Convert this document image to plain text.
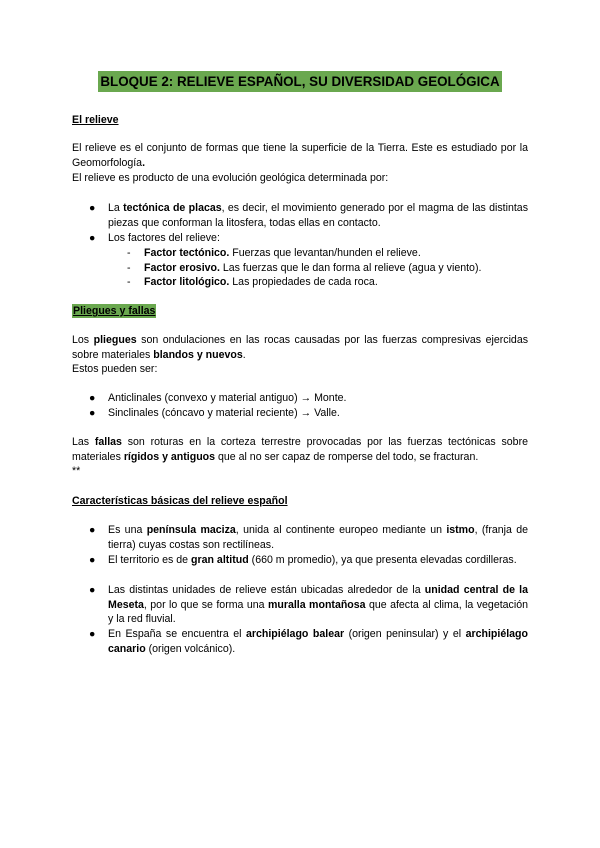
BLOQUE 2: RELIEVE ESPAÑOL, SU DIVERSIDAD GEOLÓGICA
El relieve
El relieve es el conjunto de formas que tiene la superficie de la Tierra. Este es estudiado por la Geomorfología.
El relieve es producto de una evolución geológica determinada por:
●	La tectónica de placas, es decir, el movimiento generado por el magma de las distintas piezas que conforman la litosfera, todas ellas en contacto.
●	Los factores del relieve:
- Factor tectónico. Fuerzas que levantan/hunden el relieve.
- Factor erosivo. Las fuerzas que le dan forma al relieve (agua y viento).
- Factor litológico. Las propiedades de cada roca.
Pliegues y fallas
Los pliegues son ondulaciones en las rocas causadas por las fuerzas compresivas ejercidas sobre materiales blandos y nuevos.
Estos pueden ser:
●	Anticlinales (convexo y material antiguo) → Monte.
●	Sinclinales (cóncavo y material reciente) → Valle.
Las fallas son roturas en la corteza terrestre provocadas por las fuerzas tectónicas sobre materiales rígidos y antiguos que al no ser capaz de romperse del todo, se fracturan.
**
Características básicas del relieve español
●	Es una península maciza, unida al continente europeo mediante un istmo, (franja de tierra) cuyas costas son rectilíneas.
●	El territorio es de gran altitud (660 m promedio), ya que presenta elevadas cordilleras.
●	Las distintas unidades de relieve están ubicadas alrededor de la unidad central de la Meseta, por lo que se forma una muralla montañosa que afecta al clima, la vegetación y la red fluvial.
●	En España se encuentra el archipiélago balear (origen peninsular) y el archipiélago canario (origen volcánico).
